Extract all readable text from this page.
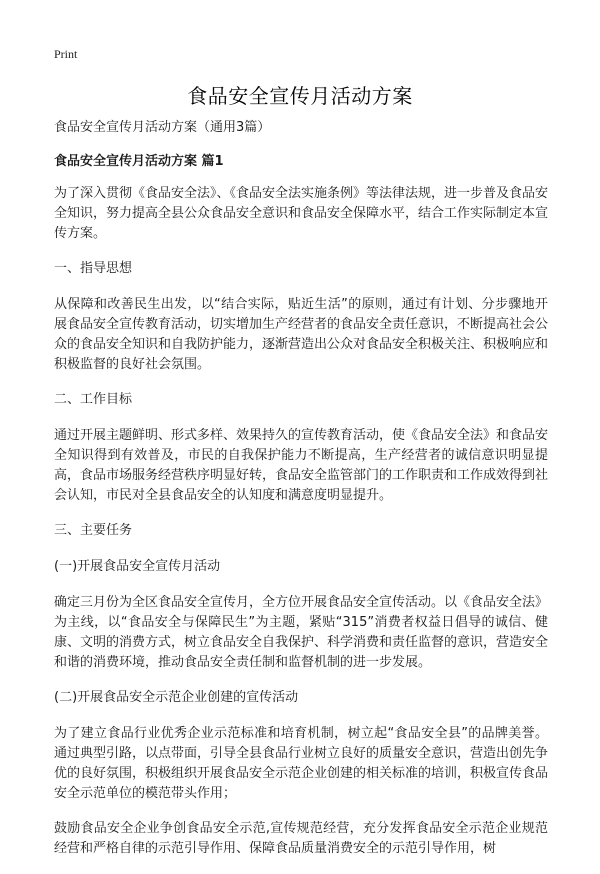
Print
食品安全宣传月活动方案

食品安全宣传月活动方案（通用3篇）

食品安全宣传月活动方案 篇1

为了深入贯彻《食品安全法》、《食品安全法实施条例》等法律法规，进一步普及食品安全知识，努力提高全县公众食品安全意识和食品安全保障水平，结合工作实际制定本宣传方案。

一、指导思想

从保障和改善民生出发，以“结合实际，贴近生活”的原则，通过有计划、分步骤地开展食品安全宣传教育活动，切实增加生产经营者的食品安全责任意识，不断提高社会公众的食品安全知识和自我防护能力，逐渐营造出公众对食品安全积极关注、积极响应和积极监督的良好社会氛围。

二、工作目标

通过开展主题鲜明、形式多样、效果持久的宣传教育活动，使《食品安全法》和食品安全知识得到有效普及，市民的自我保护能力不断提高，生产经营者的诚信意识明显提高，食品市场服务经营秩序明显好转，食品安全监管部门的工作职责和工作成效得到社会认知，市民对全县食品安全的认知度和满意度明显提升。

三、主要任务

(一)开展食品安全宣传月活动

确定三月份为全区食品安全宣传月，全方位开展食品安全宣传活动。以《食品安全法》为主线，以“食品安全与保障民生”为主题，紧贴“315”消费者权益日倡导的诚信、健康、文明的消费方式，树立食品安全自我保护、科学消费和责任监督的意识，营造安全和谐的消费环境，推动食品安全责任制和监督机制的进一步发展。

(二)开展食品安全示范企业创建的宣传活动

为了建立食品行业优秀企业示范标准和培育机制，树立起“食品安全县”的品牌美誉。通过典型引路，以点带面，引导全县食品行业树立良好的质量安全意识，营造出创先争优的良好氛围，积极组织开展食品安全示范企业创建的相关标准的培训，积极宣传食品安全示范单位的模范带头作用；

鼓励食品安全企业争创食品安全示范,宣传规范经营，充分发挥食品安全示范企业规范经营和严格自律的示范引导作用、保障食品质量消费安全的示范引导作用，树
